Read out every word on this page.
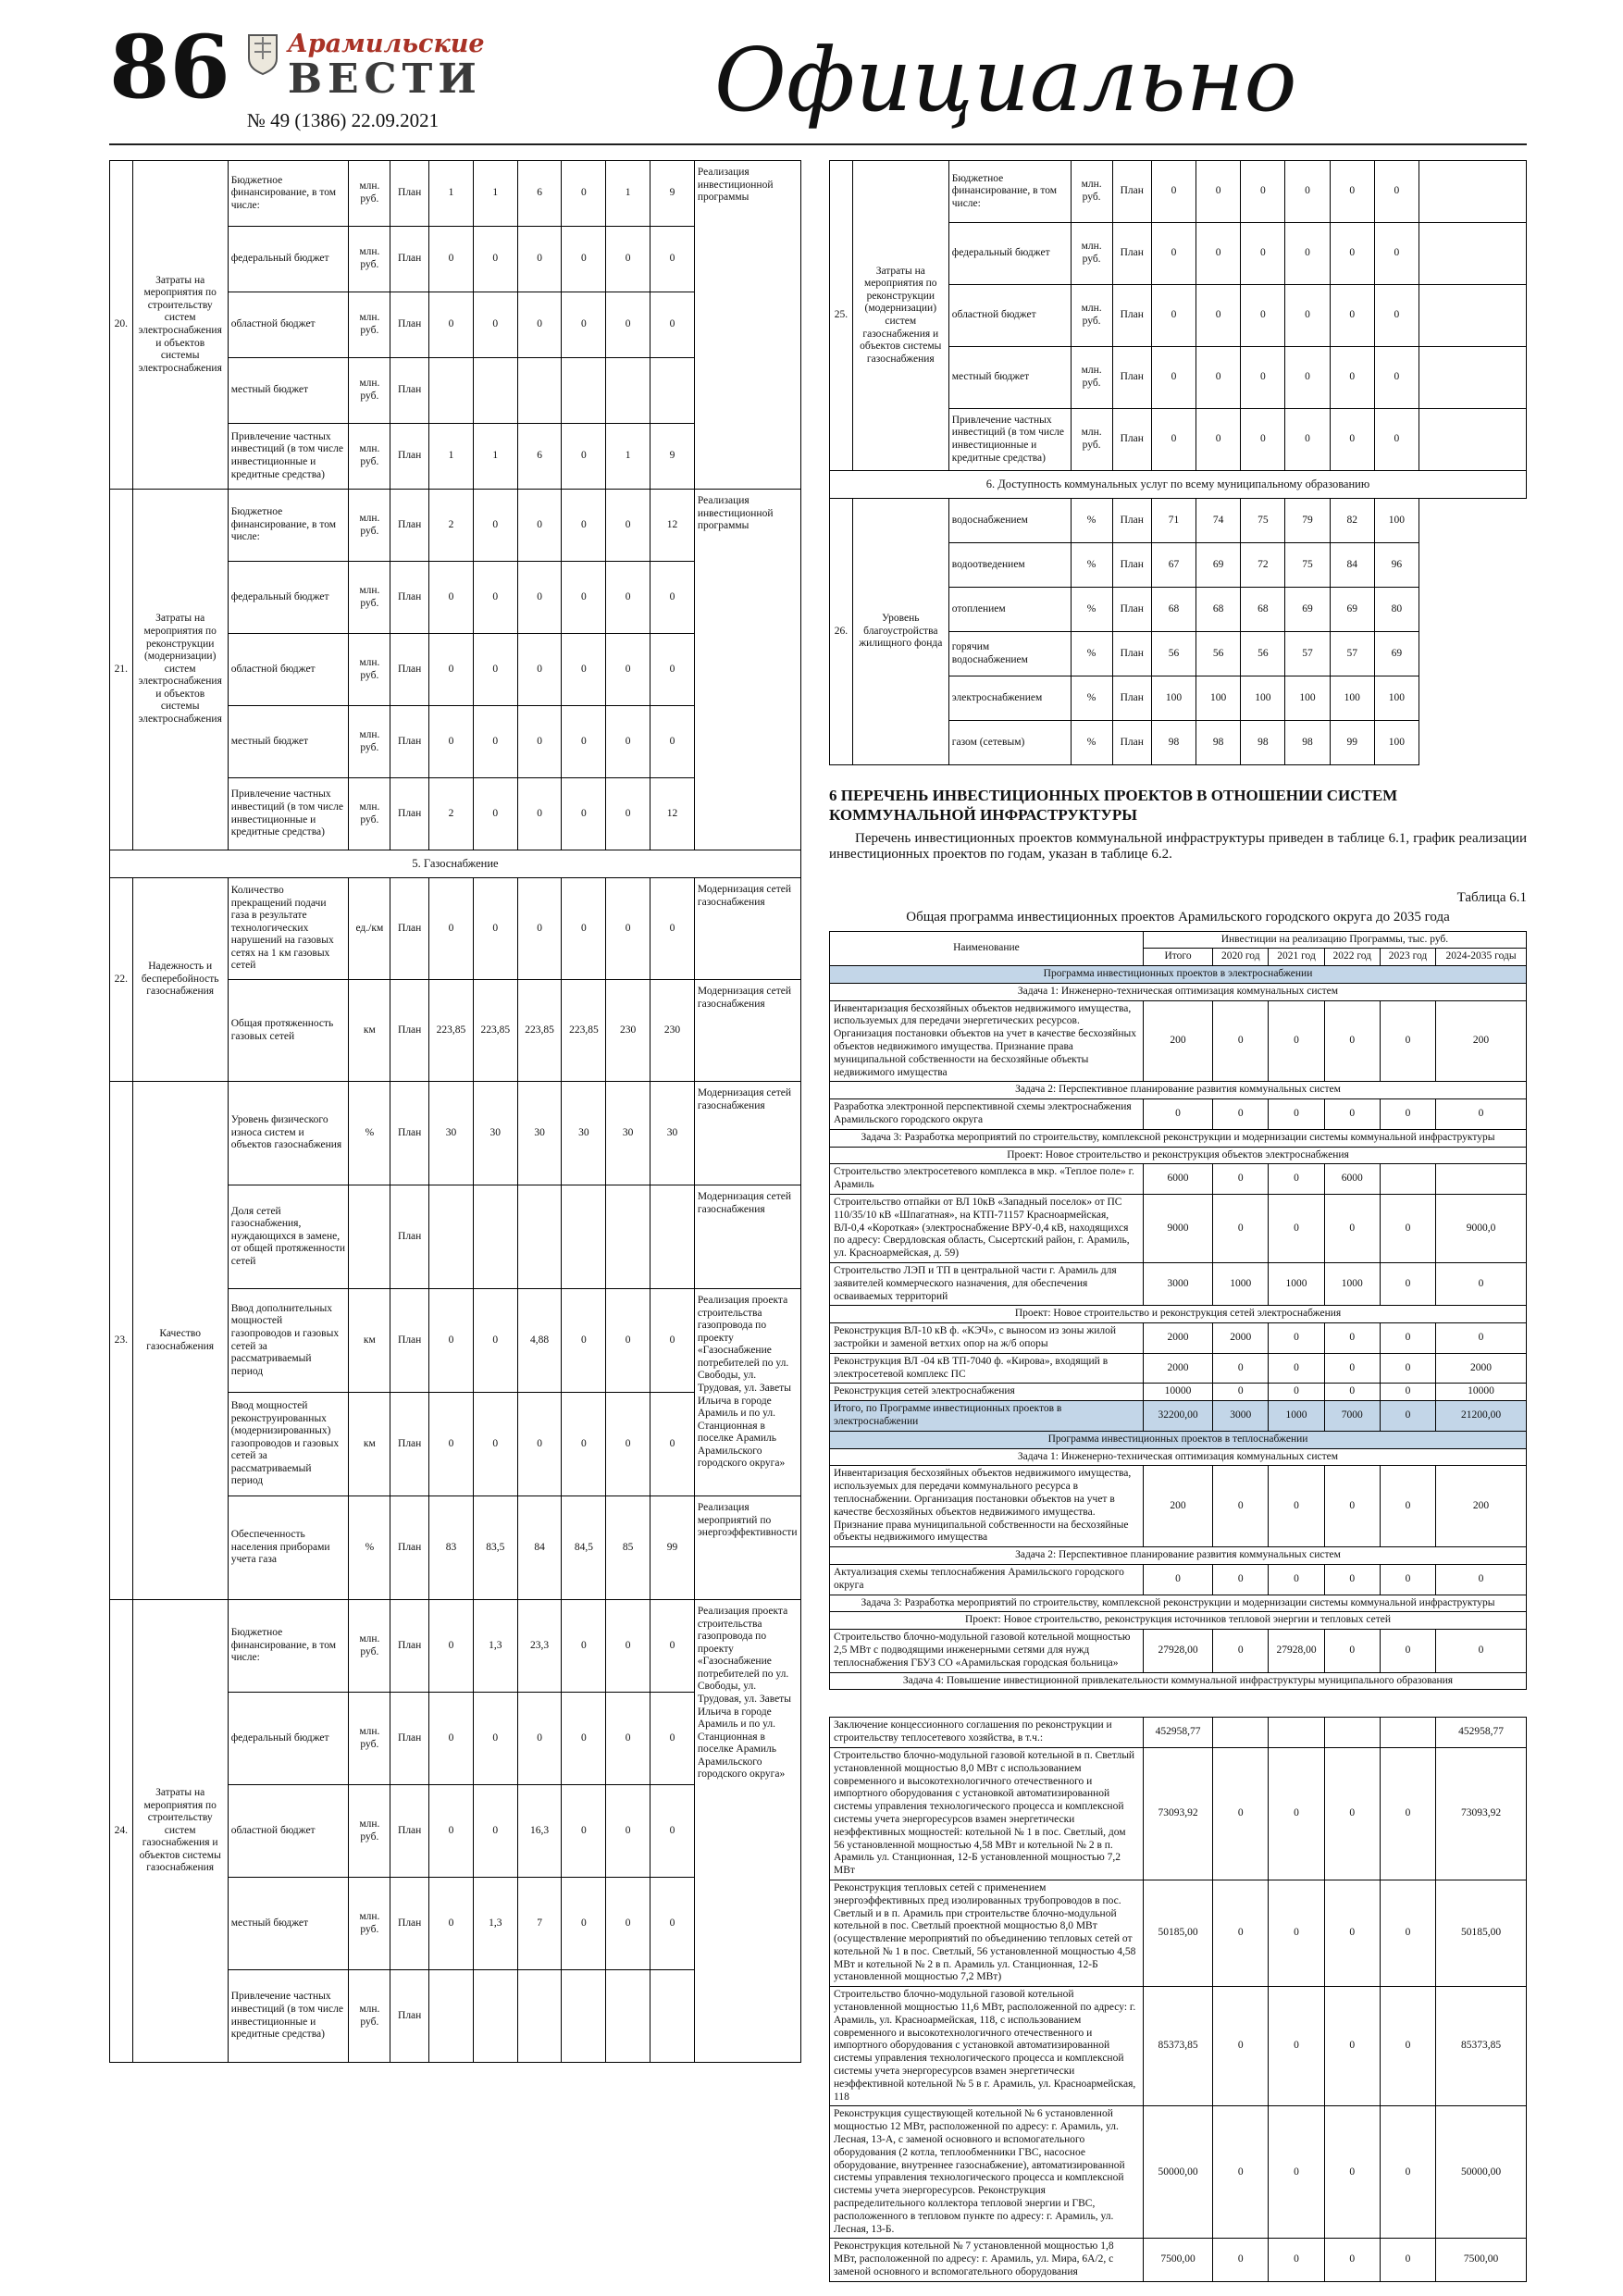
86 Арамильские
ВЕСТИ
№ 49 (1386) 22.09.2021	Официально
20.	Затраты на мероприятия по строительству систем электроснабжения и объектов системы электроснабжения	Бюджетное финансирование, в том числе:	млн. руб.	План	1	1	6	0	1	9	Реализация инвестиционной программы
		федеральный бюджет	млн. руб.	План	0	0	0	0	0	0	
		областной бюджет	млн. руб.	План	0	0	0	0	0	0	
		местный бюджет	млн. руб.	План							
		Привлечение частных инвестиций (в том числе инвестиционные и кредитные средства)	млн. руб.	План	1	1	6	0	1	9	
21.	Затраты на мероприятия по реконструкции (модернизации) систем электроснабжения и объектов системы электроснабжения	Бюджетное финансирование, в том числе:	млн. руб.	План	2	0	0	0	0	12	Реализация инвестиционной программы
		федеральный бюджет	млн. руб.	План	0	0	0	0	0	0	
		областной бюджет	млн. руб.	План	0	0	0	0	0	0	
		местный бюджет	млн. руб.	План	0	0	0	0	0	0	
		Привлечение частных инвестиций (в том числе инвестиционные и кредитные средства)	млн. руб.	План	2	0	0	0	0	12	
5. Газоснабжение											
22.	Надежность и бесперебойность газоснабжения	Количество прекращений подачи газа в результате технологических нарушений на газовых сетях на 1 км газовых сетей	ед./км	План	0	0	0	0	0	0	Модернизация сетей газоснабжения
		Общая протяженность газовых сетей	км	План	223,85	223,85	223,85	223,85	230	230	Модернизация сетей газоснабжения
23.	Качество газоснабжения	Уровень физического износа систем и объектов газоснабжения	%	План	30	30	30	30	30	30	Модернизация сетей газоснабжения
		Доля сетей газоснабжения, нуждающихся в замене, от общей протяженности сетей		План							Модернизация сетей газоснабжения
		Ввод дополнительных мощностей газопроводов и газовых сетей за рассматриваемый период	км	План	0	0	4,88	0	0	0	Реализация проекта строительства газопровода по проекту «Газоснабжение потребителей по ул. Свободы, ул. Трудовая, ул. Заветы Ильича в городе Арамиль и по ул. Станционная в поселке Арамиль Арамильского городского округа»
		Ввод мощностей реконструированных (модернизированных) газопроводов и газовых сетей за рассматриваемый период	км	План	0	0	0	0	0	0	
		Обеспеченность населения приборами учета газа	%	План	83	83,5	84	84,5	85	99	Реализация мероприятий по энергоэффективности
24.	Затраты на мероприятия по строительству систем газоснабжения и объектов системы газоснабжения	Бюджетное финансирование, в том числе:	млн. руб.	План	0	1,3	23,3	0	0	0	Реализация проекта строительства газопровода по проекту «Газоснабжение потребителей по ул. Свободы, ул. Трудовая, ул. Заветы Ильича в городе Арамиль и по ул. Станционная в поселке Арамиль Арамильского городского округа»
		федеральный бюджет	млн. руб.	План	0	0	0	0	0	0	
		областной бюджет	млн. руб.	План	0	0	16,3	0	0	0	
		местный бюджет	млн. руб.	План	0	1,3	7	0	0	0	
		Привлечение частных инвестиций (в том числе инвестиционные и кредитные средства)	млн. руб.	План							
25.	Затраты на мероприятия по реконструкции (модернизации) систем газоснабжения и объектов системы газоснабжения	Бюджетное финансирование, в том числе:	млн. руб.	План	0	0	0	0	0	0	
		федеральный бюджет	млн. руб.	План	0	0	0	0	0	0	
		областной бюджет	млн. руб.	План	0	0	0	0	0	0	
		местный бюджет	млн. руб.	План	0	0	0	0	0	0	
		Привлечение частных инвестиций (в том числе инвестиционные и кредитные средства)	млн. руб.	План	0	0	0	0	0	0	
6. Доступность коммунальных услуг по всему муниципальному образованию											
26.	Уровень благоустройства жилищного фонда	водоснабжением	%	План	71	74	75	79	82	100	
		водоотведением	%	План	67	69	72	75	84	96	
		отоплением	%	План	68	68	68	69	69	80	
		горячим водоснабжением	%	План	56	56	56	57	57	69	
		электроснабжением	%	План	100	100	100	100	100	100	
		газом (сетевым)	%	План	98	98	98	98	99	100	
6 ПЕРЕЧЕНЬ ИНВЕСТИЦИОННЫХ ПРОЕКТОВ В ОТНОШЕНИИ СИСТЕМ КОММУНАЛЬНОЙ ИНФРАСТРУКТУРЫ

Перечень инвестиционных проектов коммунальной инфраструктуры приведен в таблице 6.1, график реализации инвестиционных проектов по годам, указан в таблице 6.2.

Таблица 6.1
Общая программа инвестиционных проектов Арамильского городского округа до 2035 года
Наименование	Инвестиции на реализацию Программы, тыс. руб.					
	Итого	2020 год	2021 год	2022 год	2023 год	2024-2035 годы
Программа инвестиционных проектов в электроснабжении						
Задача 1: Инженерно-техническая оптимизация коммунальных систем						
Инвентаризация бесхозяйных объектов недвижимого имущества, используемых для передачи энергетических ресурсов. Организация постановки объектов на учет в качестве бесхозяйных объектов недвижимого имущества. Признание права муниципальной собственности на бесхозяйные объекты недвижимого имущества	200	0	0	0	0	200
Задача 2: Перспективное планирование развития коммунальных систем						
Разработка электронной перспективной схемы электроснабжения Арамильского городского округа	0	0	0	0	0	0
Задача 3: Разработка мероприятий по строительству, комплексной реконструкции и модернизации системы коммунальной инфраструктуры						
Проект: Новое строительство и реконструкция объектов электроснабжения						
Строительство электросетевого комплекса в мкр. «Теплое поле» г. Арамиль	6000	0	0	6000		
Строительство отпайки от ВЛ 10кВ «Западный поселок» от ПС 110/35/10 кВ «Шпагатная», на КТП-71157 Красноармейская, ВЛ-0,4 «Короткая» (электроснабжение ВРУ-0,4 кВ, находящихся по адресу: Свердловская область, Сысертский район, г. Арамиль, ул. Красноармейская, д. 59)	9000	0	0	0	0	9000,0
Строительство ЛЭП и ТП в центральной части г. Арамиль для заявителей коммерческого назначения, для обеспечения осваиваемых территорий	3000	1000	1000	1000	0	0
Проект: Новое строительство и реконструкция сетей электроснабжения						
Реконструкция ВЛ-10 кВ ф. «КЭЧ», с выносом из зоны жилой застройки и заменой ветхих опор на ж/б опоры	2000	2000	0	0	0	0
Реконструкция ВЛ -04 кВ ТП-7040 ф. «Кирова», входящий в электросетевой комплекс ПС	2000	0	0	0	0	2000
Реконструкция сетей электроснабжения	10000	0	0	0	0	10000
Итого, по Программе инвестиционных проектов в электроснабжении	32200,00	3000	1000	7000	0	21200,00
Программа инвестиционных проектов в теплоснабжении						
Задача 1: Инженерно-техническая оптимизация коммунальных систем						
Инвентаризация бесхозяйных объектов недвижимого имущества, используемых для передачи коммунального ресурса в теплоснабжении. Организация постановки объектов на учет в качестве бесхозяйных объектов недвижимого имущества. Признание права муниципальной собственности на бесхозяйные объекты недвижимого имущества	200	0	0	0	0	200
Задача 2: Перспективное планирование развития коммунальных систем						
Актуализация схемы теплоснабжения Арамильского городского округа	0	0	0	0	0	0
Задача 3: Разработка мероприятий по строительству, комплексной реконструкции и модернизации системы коммунальной инфраструктуры						
Проект: Новое строительство, реконструкция источников тепловой энергии и тепловых сетей						
Строительство блочно-модульной газовой котельной мощностью 2,5 МВт с подводящими инженерными сетями для нужд теплоснабжения ГБУЗ СО «Арамильская городская больница»	27928,00	0	27928,00	0	0	0
Задача 4: Повышение инвестиционной привлекательности коммунальной инфраструктуры муниципального образования						

Заключение концессионного соглашения по реконструкции и строительству теплосетевого хозяйства, в т.ч.:	452958,77					452958,77
Строительство блочно-модульной газовой котельной в п. Светлый установленной мощностью 8,0 МВт с использованием современного и высокотехнологичного отечественного и импортного оборудования с установкой автоматизированной системы управления технологического процесса и комплексной системы учета энергоресурсов взамен энергетически неэффективных мощностей: котельной № 1 в пос. Светлый, дом 56 установленной мощностью 4,58 МВт и котельной № 2 в п. Арамиль ул. Станционная, 12-Б установленной мощностью 7,2 МВт	73093,92	0	0	0	0	73093,92
Реконструкция тепловых сетей с применением энергоэффективных пред изолированных трубопроводов в пос. Светлый и в п. Арамиль при строительстве блочно-модульной котельной в пос. Светлый проектной мощностью 8,0 МВт (осуществление мероприятий по объединению тепловых сетей от котельной № 1 в пос. Светлый, 56 установленной мощностью 4,58 МВт и котельной № 2 в п. Арамиль ул. Станционная, 12-Б установленной мощностью 7,2 МВт)	50185,00	0	0	0	0	50185,00
Строительство блочно-модульной газовой котельной установленной мощностью 11,6 МВт, расположенной по адресу: г. Арамиль, ул. Красноармейская, 118, с использованием современного и высокотехнологичного отечественного и импортного оборудования с установкой автоматизированной системы управления технологического процесса и комплексной системы учета энергоресурсов взамен энергетически неэффективной котельной № 5 в г. Арамиль, ул. Красноармейская, 118	85373,85	0	0	0	0	85373,85
Реконструкция существующей котельной № 6 установленной мощностью 12 МВт, расположенной по адресу: г. Арамиль, ул. Лесная, 13-А, с заменой основного и вспомогательного оборудования (2 котла, теплообменники ГВС, насосное оборудование, внутреннее газоснабжение), автоматизированной системы управления технологического процесса и комплексной системы учета энергоресурсов. Реконструкция распределительного коллектора тепловой энергии и ГВС, расположенного в тепловом пункте по адресу: г. Арамиль, ул. Лесная, 13-Б.	50000,00	0	0	0	0	50000,00
Реконструкция котельной № 7 установленной мощностью 1,8 МВт, расположенной по адресу: г. Арамиль, ул. Мира, 6А/2, с заменой основного и вспомогательного оборудования	7500,00	0	0	0	0	7500,00
